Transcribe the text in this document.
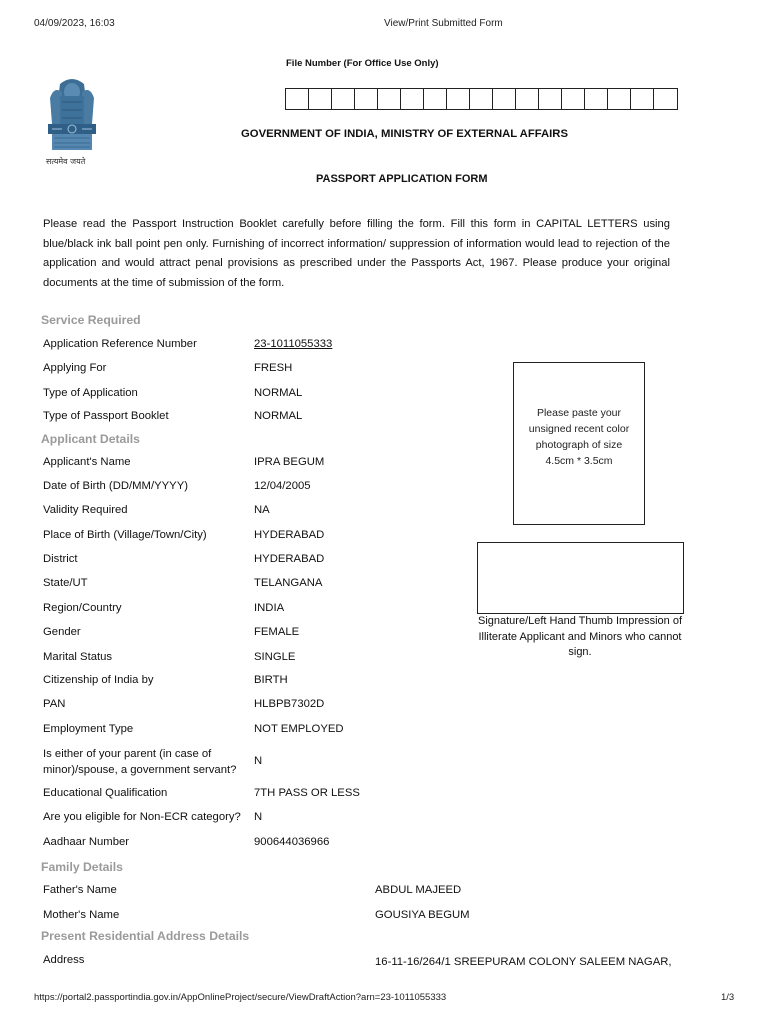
04/09/2023, 16:03	View/Print Submitted Form
सत्यमेव जयते
File Number (For Office Use Only)
GOVERNMENT OF INDIA, MINISTRY OF EXTERNAL AFFAIRS
PASSPORT APPLICATION FORM
Please read the Passport Instruction Booklet carefully before filling the form. Fill this form in CAPITAL LETTERS using blue/black ink ball point pen only. Furnishing of incorrect information/ suppression of information would lead to rejection of the application and would attract penal provisions as prescribed under the Passports Act, 1967. Please produce your original documents at the time of submission of the form.
Service Required
Applicant Details
Family Details
Present Residential Address Details
Application Reference Number	23-1011055333
Applying For	FRESH
Type of Application	NORMAL
Type of Passport Booklet	NORMAL
Applicant's Name	IPRA BEGUM
Date of Birth (DD/MM/YYYY)	12/04/2005
Validity Required	NA
Place of Birth (Village/Town/City)	HYDERABAD
District	HYDERABAD
State/UT	TELANGANA
Region/Country	INDIA
Gender	FEMALE
Marital Status	SINGLE
Citizenship of India by	BIRTH
PAN	HLBPB7302D
Employment Type	NOT EMPLOYED
Is either of your parent (in case of minor)/spouse, a government servant?
N
Educational Qualification	7TH PASS OR LESS
Are you eligible for Non-ECR category? N
Aadhaar Number	900644036966
Father's Name	ABDUL MAJEED
Mother's Name	GOUSIYA BEGUM
Address	16-11-16/264/1 SREEPURAM COLONY SALEEM NAGAR,
Please paste your unsigned recent color photograph of size 4.5cm * 3.5cm
Signature/Left Hand Thumb Impression of Illiterate Applicant and Minors who cannot sign.
https://portal2.passportindia.gov.in/AppOnlineProject/secure/ViewDraftAction?arn=23-1011055333	1/3
